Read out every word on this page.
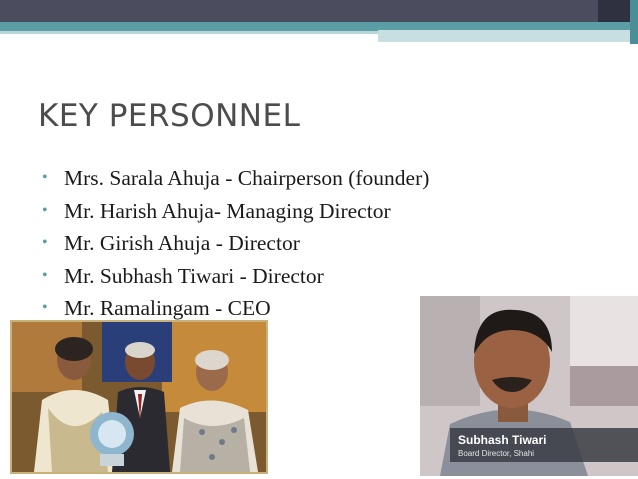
KEY PERSONNEL
• Mrs. Sarala Ahuja - Chairperson (founder)
• Mr. Harish Ahuja- Managing Director
• Mr. Girish Ahuja - Director
• Mr. Subhash Tiwari - Director
• Mr. Ramalingam - CEO
Subhash Tiwari
Board Director, Shahi
